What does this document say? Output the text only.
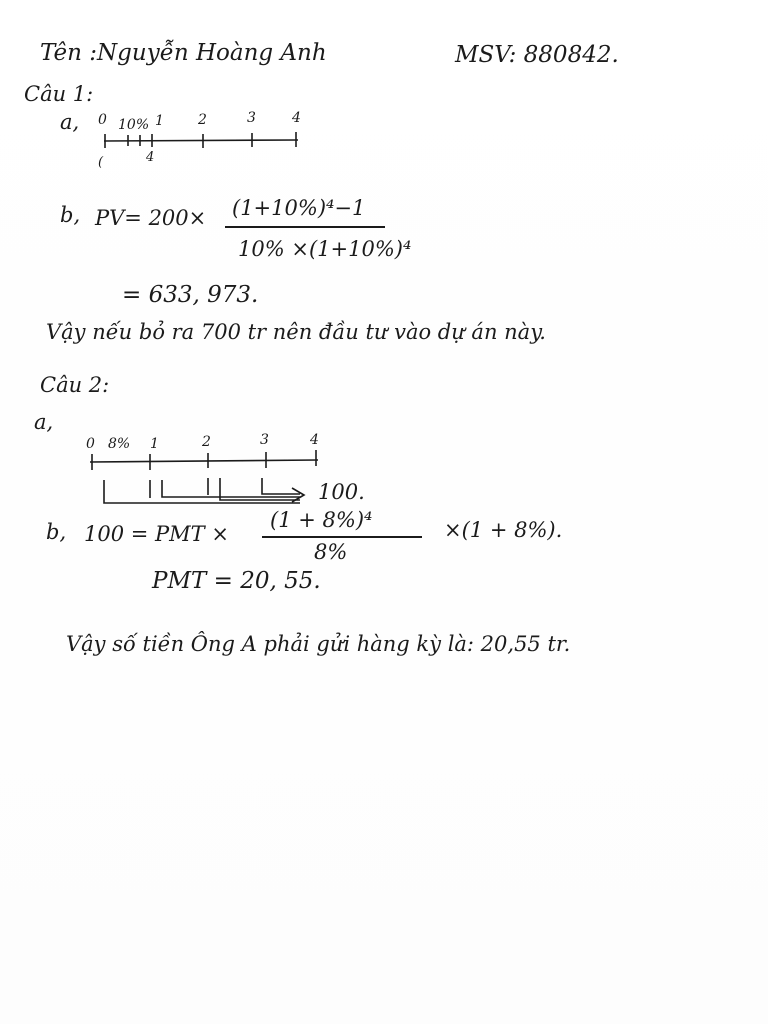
Tên :Nguyễn Hoàng Anh	MSV: 880842.
Câu 1:
a, 0 10% 1 2	3	4
(	4
b, PV= 200× (1+10%)⁴−1
10% ×(1+10%)⁴
= 633, 973.
Vậy nếu bỏ ra 700 tr nên đầu tư vào dự án này.
Câu 2:
a,
0 8% 1	2	3	4
100.
b, 100 = PMT ×
(1 + 8%)⁴
8%
×(1 + 8%).
PMT = 20, 55.
Vậy số tiền Ông A phải gửi hàng kỳ là: 20,55 tr.
